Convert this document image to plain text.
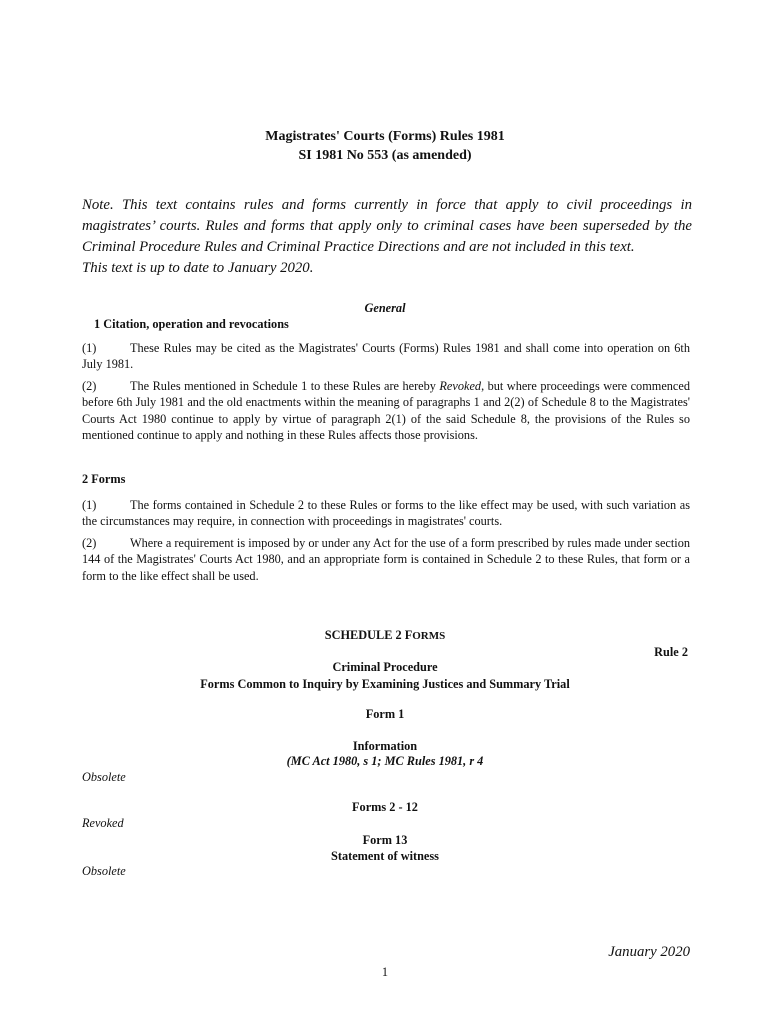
Magistrates' Courts (Forms) Rules 1981
SI 1981 No 553 (as amended)

Note. This text contains rules and forms currently in force that apply to civil proceedings in magistrates’ courts. Rules and forms that apply only to criminal cases have been superseded by the Criminal Procedure Rules and Criminal Practice Directions and are not included in this text.

This text is up to date to January 2020.

General
1 Citation, operation and revocations
(1)	These Rules may be cited as the Magistrates' Courts (Forms) Rules 1981 and shall come into operation on 6th July 1981.
(2)	The Rules mentioned in Schedule 1 to these Rules are hereby Revoked, but where proceedings were commenced before 6th July 1981 and the old enactments within the meaning of paragraphs 1 and 2(2) of Schedule 8 to the Magistrates' Courts Act 1980 continue to apply by virtue of paragraph 2(1) of the said Schedule 8, the provisions of the Rules so mentioned continue to apply and nothing in these Rules affects those provisions.
2 Forms
(1)	The forms contained in Schedule 2 to these Rules or forms to the like effect may be used, with such variation as the circumstances may require, in connection with proceedings in magistrates' courts.
(2)	Where a requirement is imposed by or under any Act for the use of a form prescribed by rules made under section 144 of the Magistrates' Courts Act 1980, and an appropriate form is contained in Schedule 2 to these Rules, that form or a form to the like effect shall be used.
SCHEDULE 2 FORMS
Rule 2
Criminal Procedure
Forms Common to Inquiry by Examining Justices and Summary Trial
Form 1
Information
(MC Act 1980, s 1; MC Rules 1981, r 4
Obsolete
Forms 2 - 12
Revoked
Form 13
Statement of witness
Obsolete
January 2020
1
